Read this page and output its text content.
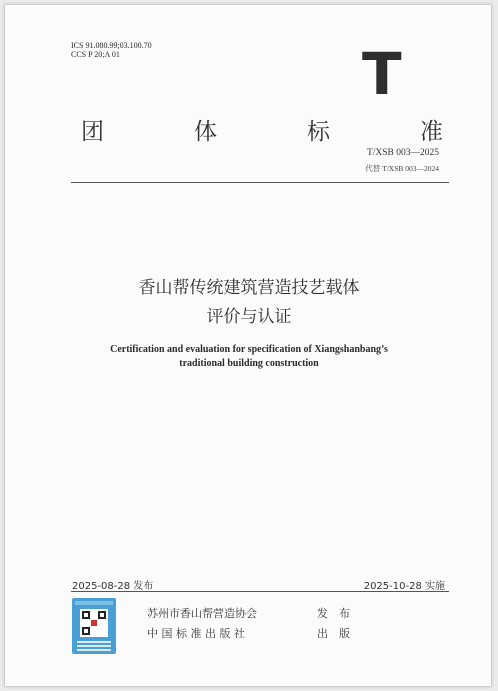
ICS 91.080.99;03.100.70
CCS P 20;A 01	T
团	体	标	准
T/XSB 003—2025
代替 T/XSB 003—2024
香山帮传统建筑营造技艺载体
评价与认证
Certification and evaluation for specification of Xiangshanbang’s
traditional building construction
2025-08-28 发布	2025-10-28 实施
苏州市香山帮营造协会	发　布
中 国 标 准 出 版 社	出　版
